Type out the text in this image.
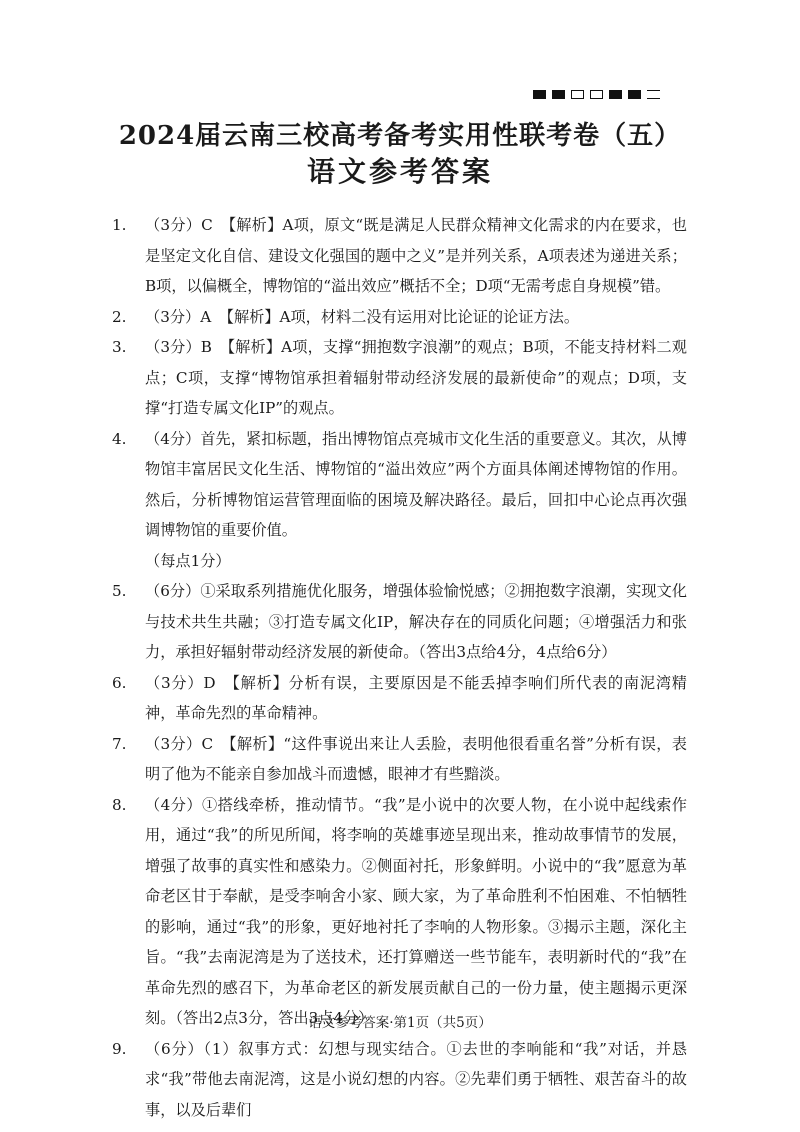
2024届云南三校高考备考实用性联考卷（五）
语文参考答案
1.	（3分）C　【解析】A项，原文“既是满足人民群众精神文化需求的内在要求，也是坚定文化自信、建设文化强国的题中之义”是并列关系，A项表述为递进关系；B项，以偏概全，博物馆的“溢出效应”概括不全；D项“无需考虑自身规模”错。
2.	（3分）A　【解析】A项，材料二没有运用对比论证的论证方法。
3.	（3分）B　【解析】A项，支撑“拥抱数字浪潮”的观点；B项，不能支持材料二观点；C项，支撑“博物馆承担着辐射带动经济发展的最新使命”的观点；D项，支撑“打造专属文化IP”的观点。
4.	（4分）首先，紧扣标题，指出博物馆点亮城市文化生活的重要意义。其次，从博物馆丰富居民文化生活、博物馆的“溢出效应”两个方面具体阐述博物馆的作用。然后，分析博物馆运营管理面临的困境及解决路径。最后，回扣中心论点再次强调博物馆的重要价值。
（每点1分）
5.	（6分）①采取系列措施优化服务，增强体验愉悦感；②拥抱数字浪潮，实现文化与技术共生共融；③打造专属文化IP，解决存在的同质化问题；④增强活力和张力，承担好辐射带动经济发展的新使命。（答出3点给4分，4点给6分）
6.	（3分）D　【解析】分析有误，主要原因是不能丢掉李响们所代表的南泥湾精神，革命先烈的革命精神。
7.	（3分）C　【解析】“这件事说出来让人丢脸，表明他很看重名誉”分析有误，表明了他为不能亲自参加战斗而遗憾，眼神才有些黯淡。
8.	（4分）①搭线牵桥，推动情节。“我”是小说中的次要人物，在小说中起线索作用，通过“我”的所见所闻，将李响的英雄事迹呈现出来，推动故事情节的发展，增强了故事的真实性和感染力。②侧面衬托，形象鲜明。小说中的“我”愿意为革命老区甘于奉献，是受李响舍小家、顾大家，为了革命胜利不怕困难、不怕牺牲的影响，通过“我”的形象，更好地衬托了李响的人物形象。③揭示主题，深化主旨。“我”去南泥湾是为了送技术，还打算赠送一些节能车，表明新时代的“我”在革命先烈的感召下，为革命老区的新发展贡献自己的一份力量，使主题揭示更深刻。（答出2点3分，答出3点4分）
9.	（6分）（1）叙事方式：幻想与现实结合。①去世的李响能和“我”对话，并恳求“我”带他去南泥湾，这是小说幻想的内容。②先辈们勇于牺牲、艰苦奋斗的故事，以及后辈们
语文参考答案·第1页（共5页）
